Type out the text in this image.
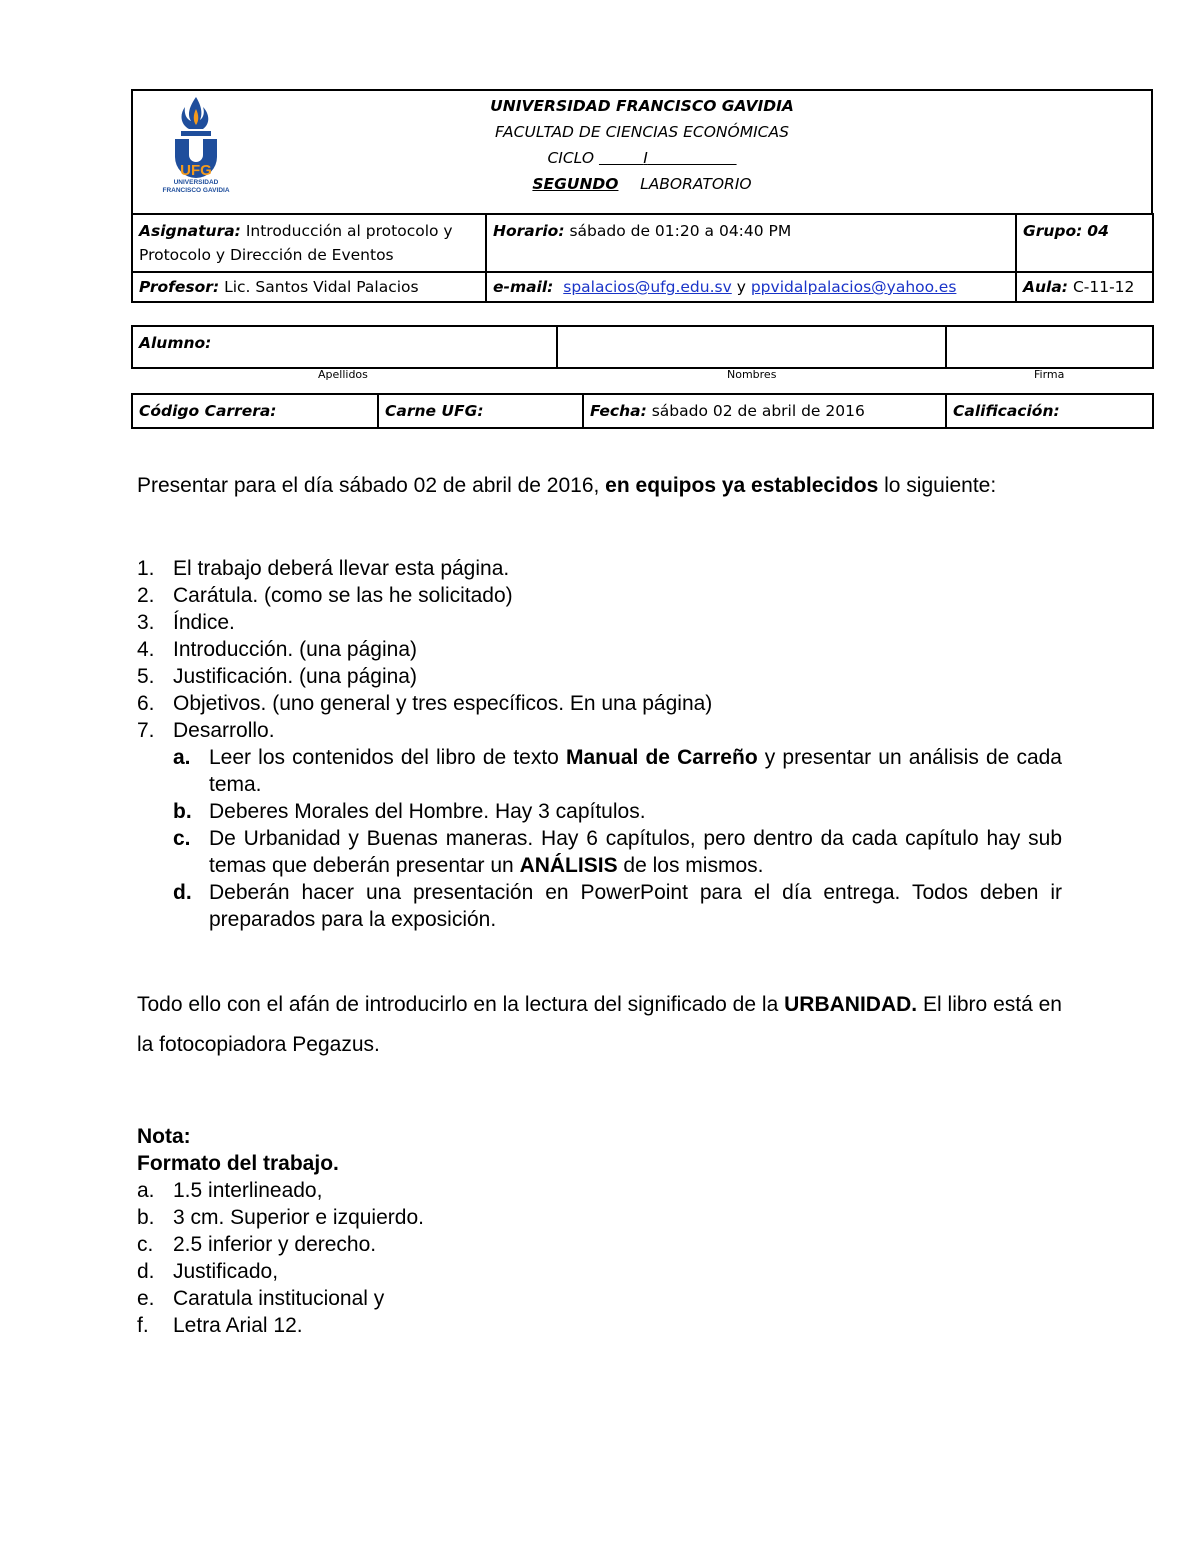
UFG
UNIVERSIDAD
FRANCISCO GAVIDIA
UNIVERSIDAD FRANCISCO GAVIDIA
FACULTAD DE CIENCIAS ECONÓMICAS
CICLO	I
SEGUNDO LABORATORIO
Asignatura: Introducción al protocolo y Protocolo y Dirección de Eventos	Horario: sábado de 01:20 a 04:40 PM	Grupo: 04
Profesor: Lic. Santos Vidal Palacios	e-mail: spalacios@ufg.edu.sv y ppvidalpalacios@yahoo.es	Aula: C-11-12
Alumno:		
Apellidos	Nombres	Firma
Código Carrera:	Carne UFG:	Fecha: sábado 02 de abril de 2016	Calificación:
Presentar para el día sábado 02 de abril de 2016, en equipos ya establecidos lo siguiente:
1. El trabajo deberá llevar esta página.
2. Carátula. (como se las he solicitado)
3. Índice.
4. Introducción. (una página)
5. Justificación. (una página)
6. Objetivos. (uno general y tres específicos. En una página)
7. Desarrollo.
a. Leer los contenidos del libro de texto Manual de Carreño y presentar un análisis de cada tema.
b. Deberes Morales del Hombre. Hay 3 capítulos.
c. De Urbanidad y Buenas maneras. Hay 6 capítulos, pero dentro da cada capítulo hay sub temas que deberán presentar un ANÁLISIS de los mismos.
d. Deberán hacer una presentación en PowerPoint para el día entrega. Todos deben ir preparados para la exposición.
Todo ello con el afán de introducirlo en la lectura del significado de la URBANIDAD. El libro está en la fotocopiadora Pegazus.
Nota:
Formato del trabajo.
a. 1.5 interlineado,
b. 3 cm. Superior e izquierdo.
c. 2.5 inferior y derecho.
d. Justificado,
e. Caratula institucional y
f. Letra Arial 12.
